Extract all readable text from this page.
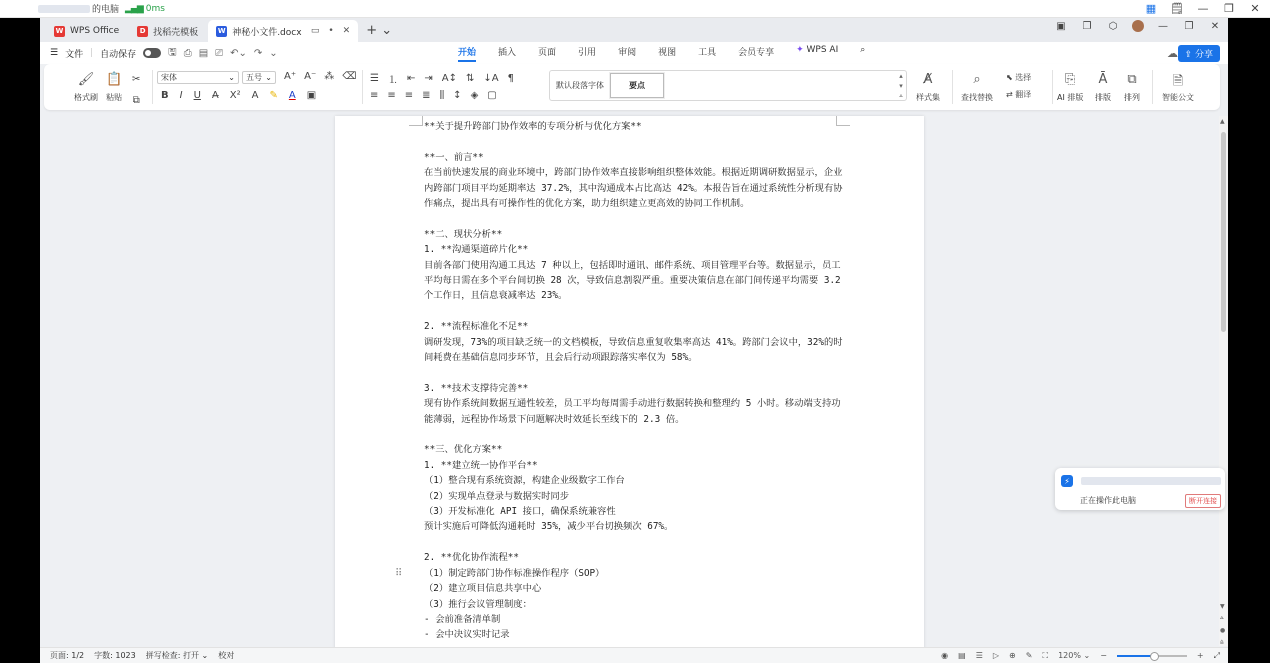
W WPS Office	D 找稻壳模板	W 神秘小文件.docx ▭ • ✕ + ⌄	▣ ❐ ⬡	— ❐ ✕
☰ 文件 | 自动保存	🖫 ⎙ ▤ ⎚ ↶⌄ ↷ ⌄	开始 插入 页面 引用 审阅 视图 工具 会员专享 ✦ WPS AI ⌕	☁ ⇪ 分享
🖌
格式刷
📋
粘贴
✂
⧉
宋体	⌄ 五号 ⌄ A⁺ A⁻ ⁂ ⌫
B I U A̶ X² A ✎ A ▣
☰ ⒈ ⇤ ⇥ A↕ ⇅ ↓A ¶
≡ ≡ ≡ ≣ ⫼ ↕ ◈ ▢
默认段落字体	要点
▴
▾
⩡
A̸
样式集
⌕
查找替换
⬉ 选择
⇄ 翻译
⎘
AI 排版
Ā
排版
⧉
排列
🗎
智能公文
**关于提升跨部门协作效率的专项分析与优化方案**
**一、前言**
在当前快速发展的商业环境中，跨部门协作效率直接影响组织整体效能。根据近期调研数据显示，企业内跨部门项目平均延期率达 37.2%，其中沟通成本占比高达 42%。本报告旨在通过系统性分析现有协作痛点，提出具有可操作性的优化方案，助力组织建立更高效的协同工作机制。
**二、现状分析**
1. **沟通渠道碎片化**
目前各部门使用沟通工具达 7 种以上，包括即时通讯、邮件系统、项目管理平台等。数据显示，员工平均每日需在多个平台间切换 28 次，导致信息割裂严重。重要决策信息在部门间传递平均需要 3.2 个工作日，且信息衰减率达 23%。
2. **流程标准化不足**
调研发现，73%的项目缺乏统一的文档模板，导致信息重复收集率高达 41%。跨部门会议中，32%的时间耗费在基础信息同步环节，且会后行动项跟踪落实率仅为 58%。
3. **技术支撑待完善**
现有协作系统间数据互通性较差，员工平均每周需手动进行数据转换和整理约 5 小时。移动端支持功能薄弱，远程协作场景下问题解决时效延长至线下的 2.3 倍。
**三、优化方案**
1. **建立统一协作平台**
（1）整合现有系统资源，构建企业级数字工作台
（2）实现单点登录与数据实时同步
（3）开发标准化 API 接口，确保系统兼容性
预计实施后可降低沟通耗时 35%，减少平台切换频次 67%。
2. **优化协作流程**
（1）制定跨部门协作标准操作程序（SOP）
（2）建立项目信息共享中心
（3）推行会议管理制度：
- 会前准备清单制
- 会中决议实时记录
⠿
▲
▼
⩟
●
⩠
页面: 1/2 字数: 1023 拼写检查: 打开 ⌄ 校对	◉ ▤ ☰ ▷ ⊕ ✎ ⛶ 120% ⌄ −	+ ⤢
⚡
正在操作此电脑	断开连接
的电脑 ▂▄▆ 0ms	▦ 🗒 — ❐ ✕
